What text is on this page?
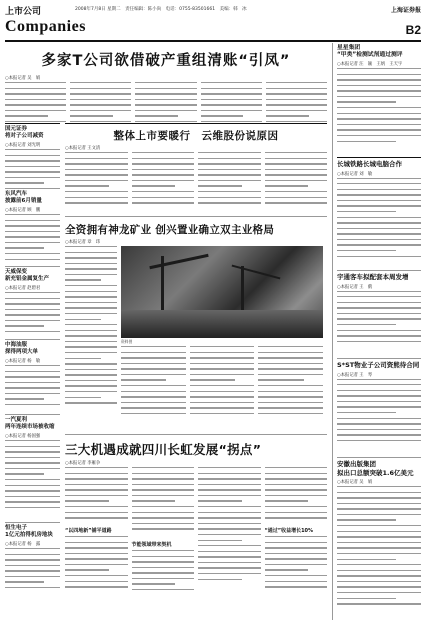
上市公司
Companies
2008年7月8日 星期二　责任编辑：陈小尚　电话：0755-83501661　美编：韩　冰	上海证券报
B2
多家T公司欲借破产重组清账“引凤”
○本报记者 吴　娟
国元证券
将对子公司减资
○本报记者 刘光明
东风汽车
披露前6月销量
○本报记者 顾　鹏
天威保变
新充铝金属复生产
○本报记者 赵碧君
中海油服
探得两项大单
○本报记者 杨　敏
一汽夏利
两年连续市场被收缩
○本报记者 杨国强
恒生电子
1亿元拍得机房地块
○本报记者 杨　露
整体上市要暖行　云维股份说原因
○本报记者 王文清
全资拥有神龙矿业 创兴置业确立双主业格局
○本报记者 章　玮
资料图
三大机遇成就四川长虹发展“拐点”
○本报记者 李雁争
“以四地新”铺平道路
节能领域带来契机
“通过”收益增长10%
星星集团
“甲类”检测试剂通过测评
○本报记者 汪　颖　王炳　王天宇
长城铁路长城电脑合作
○本报记者 刘　敏
宇通客车拟配套本周发增
○本报记者 王　鹤
S*ST物业子公司资熊待合同
○本报记者 王　琴
安徽出版集团
拟出口总额突破1.6亿美元
○本报记者 吴　娟
